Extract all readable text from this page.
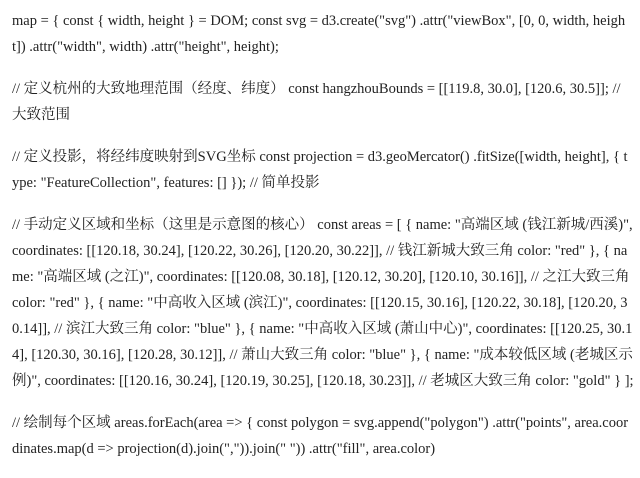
map = { const { width, height } = DOM; const svg = d3.create("svg") .attr("viewBox", [0, 0, width, height]) .attr("width", width) .attr("height", height);

// 定义杭州的大致地理范围（经度、纬度） const hangzhouBounds = [[119.8, 30.0], [120.6, 30.5]]; // 大致范围

// 定义投影，将经纬度映射到SVG坐标 const projection = d3.geoMercator() .fitSize([width, height], { type: "FeatureCollection", features: [] }); // 简单投影

// 手动定义区域和坐标（这里是示意图的核心） const areas = [ { name: "高端区域 (钱江新城/西溪)", coordinates: [[120.18, 30.24], [120.22, 30.26], [120.20, 30.22]], // 钱江新城大致三角 color: "red" }, { name: "高端区域 (之江)", coordinates: [[120.08, 30.18], [120.12, 30.20], [120.10, 30.16]], // 之江大致三角 color: "red" }, { name: "中高收入区域 (滨江)", coordinates: [[120.15, 30.16], [120.22, 30.18], [120.20, 30.14]], // 滨江大致三角 color: "blue" }, { name: "中高收入区域 (萧山中心)", coordinates: [[120.25, 30.14], [120.30, 30.16], [120.28, 30.12]], // 萧山大致三角 color: "blue" }, { name: "成本较低区域 (老城区示例)", coordinates: [[120.16, 30.24], [120.19, 30.25], [120.18, 30.23]], // 老城区大致三角 color: "gold" } ];

// 绘制每个区域 areas.forEach(area => { const polygon = svg.append("polygon") .attr("points", area.coordinates.map(d => projection(d).join(",")).join(" ")) .attr("fill", area.color)
